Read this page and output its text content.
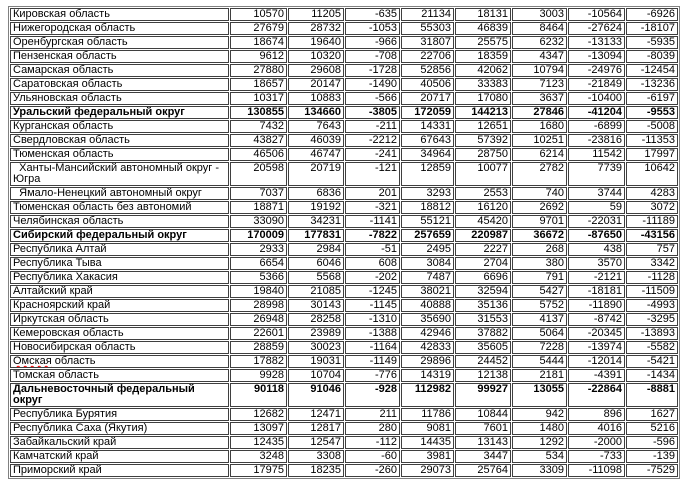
Кировская область	10570	11205	-635	21134	18131	3003	-10564	-6926
Нижегородская область	27679	28732	-1053	55303	46839	8464	-27624	-18107
Оренбургская область	18674	19640	-966	31807	25575	6232	-13133	-5935
Пензенская область	9612	10320	-708	22706	18359	4347	-13094	-8039
Самарская область	27880	29608	-1728	52856	42062	10794	-24976	-12454
Саратовская область	18657	20147	-1490	40506	33383	7123	-21849	-13236
Ульяновская область	10317	10883	-566	20717	17080	3637	-10400	-6197
Уральский федеральный округ	130855	134660	-3805	172059	144213	27846	-41204	-9553
Курганская область	7432	7643	-211	14331	12651	1680	-6899	-5008
Свердловская область	43827	46039	-2212	67643	57392	10251	-23816	-11353
Тюменская область	46506	46747	-241	34964	28750	6214	11542	17997
Ханты-Мансийский автономный округ - Югра	20598	20719	-121	12859	10077	2782	7739	10642
Ямало-Ненецкий автономный округ	7037	6836	201	3293	2553	740	3744	4283
Тюменская область без автономий	18871	19192	-321	18812	16120	2692	59	3072
Челябинская область	33090	34231	-1141	55121	45420	9701	-22031	-11189
Сибирский федеральный округ	170009	177831	-7822	257659	220987	36672	-87650	-43156
Республика Алтай	2933	2984	-51	2495	2227	268	438	757
Республика Тыва	6654	6046	608	3084	2704	380	3570	3342
Республика Хакасия	5366	5568	-202	7487	6696	791	-2121	-1128
Алтайский край	19840	21085	-1245	38021	32594	5427	-18181	-11509
Красноярский край	28998	30143	-1145	40888	35136	5752	-11890	-4993
Иркутская область	26948	28258	-1310	35690	31553	4137	-8742	-3295
Кемеровская область	22601	23989	-1388	42946	37882	5064	-20345	-13893
Новосибирская область	28859	30023	-1164	42833	35605	7228	-13974	-5582
Омская область	17882	19031	-1149	29896	24452	5444	-12014	-5421
Томская область	9928	10704	-776	14319	12138	2181	-4391	-1434
Дальневосточный федеральный округ	90118	91046	-928	112982	99927	13055	-22864	-8881
Республика Бурятия	12682	12471	211	11786	10844	942	896	1627
Республика Саха (Якутия)	13097	12817	280	9081	7601	1480	4016	5216
Забайкальский край	12435	12547	-112	14435	13143	1292	-2000	-596
Камчатский край	3248	3308	-60	3981	3447	534	-733	-139
Приморский край	17975	18235	-260	29073	25764	3309	-11098	-7529
